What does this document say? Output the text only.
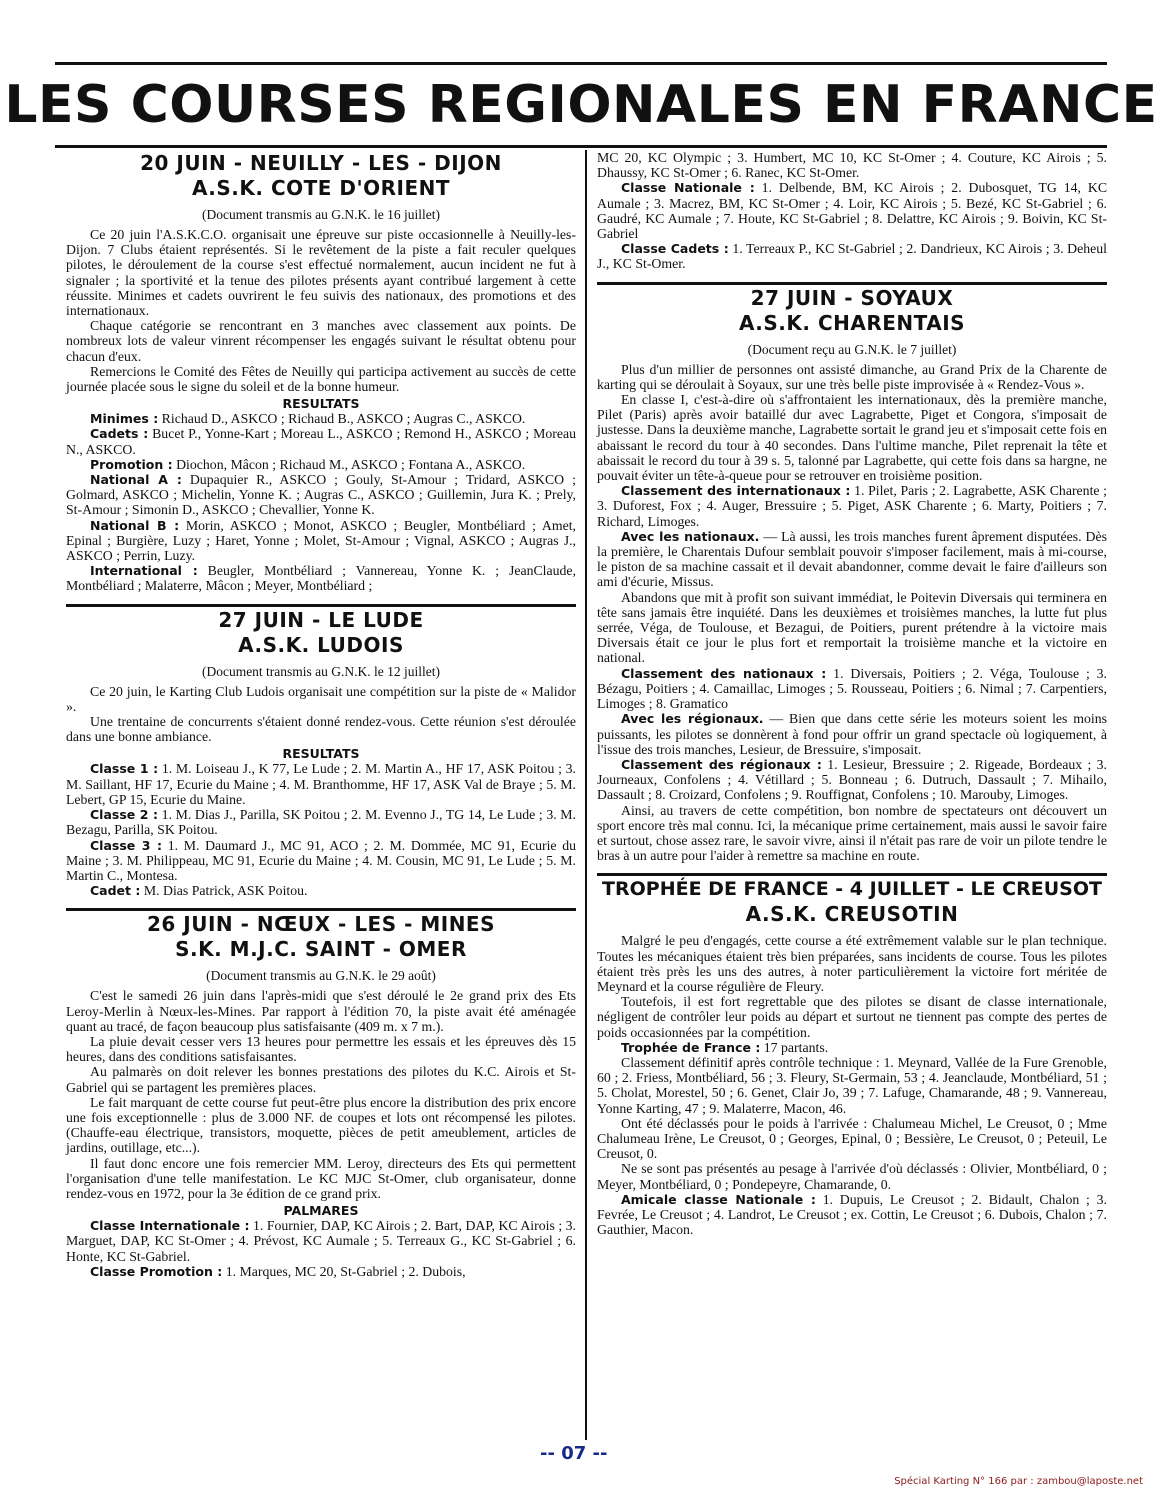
LES COURSES REGIONALES EN FRANCE
20 JUIN - NEUILLY - LES - DIJON
A.S.K. COTE D'ORIENT
(Document transmis au G.N.K. le 16 juillet)

Ce 20 juin l'A.S.K.C.O. organisait une épreuve sur piste occasionnelle à Neuilly-les-Dijon. 7 Clubs étaient représentés. Si le revêtement de la piste a fait reculer quelques pilotes, le déroulement de la course s'est effectué normalement, aucun incident ne fut à signaler ; la sportivité et la tenue des pilotes présents ayant contribué largement à cette réussite. Minimes et cadets ouvrirent le feu suivis des nationaux, des promotions et des internationaux.

Chaque catégorie se rencontrant en 3 manches avec classement aux points. De nombreux lots de valeur vinrent récompenser les engagés suivant le résultat obtenu pour chacun d'eux.

Remercions le Comité des Fêtes de Neuilly qui participa activement au succès de cette journée placée sous le signe du soleil et de la bonne humeur.

RESULTATS

Minimes : Richaud D., ASKCO ; Richaud B., ASKCO ; Augras C., ASKCO.

Cadets : Bucet P., Yonne-Kart ; Moreau L., ASKCO ; Remond H., ASKCO ; Moreau N., ASKCO.

Promotion : Diochon, Mâcon ; Richaud M., ASKCO ; Fontana A., ASKCO.

National A : Dupaquier R., ASKCO ; Gouly, St-Amour ; Tridard, ASKCO ; Golmard, ASKCO ; Michelin, Yonne K. ; Augras C., ASKCO ; Guillemin, Jura K. ; Prely, St-Amour ; Simonin D., ASKCO ; Chevallier, Yonne K.

National B : Morin, ASKCO ; Monot, ASKCO ; Beugler, Montbéliard ; Amet, Epinal ; Burgière, Luzy ; Haret, Yonne ; Molet, St-Amour ; Vignal, ASKCO ; Augras J., ASKCO ; Perrin, Luzy.

International : Beugler, Montbéliard ; Vannereau, Yonne K. ; JeanClaude, Montbéliard ; Malaterre, Mâcon ; Meyer, Montbéliard ;

27 JUIN - LE LUDE
A.S.K. LUDOIS
(Document transmis au G.N.K. le 12 juillet)

Ce 20 juin, le Karting Club Ludois organisait une compétition sur la piste de « Malidor ».

Une trentaine de concurrents s'étaient donné rendez-vous. Cette réunion s'est déroulée dans une bonne ambiance.

RESULTATS

Classe 1 : 1. M. Loiseau J., K 77, Le Lude ; 2. M. Martin A., HF 17, ASK Poitou ; 3. M. Saillant, HF 17, Ecurie du Maine ; 4. M. Branthomme, HF 17, ASK Val de Braye ; 5. M. Lebert, GP 15, Ecurie du Maine.

Classe 2 : 1. M. Dias J., Parilla, SK Poitou ; 2. M. Evenno J., TG 14, Le Lude ; 3. M. Bezagu, Parilla, SK Poitou.

Classe 3 : 1. M. Daumard J., MC 91, ACO ; 2. M. Dommée, MC 91, Ecurie du Maine ; 3. M. Philippeau, MC 91, Ecurie du Maine ; 4. M. Cousin, MC 91, Le Lude ; 5. M. Martin C., Montesa.

Cadet : M. Dias Patrick, ASK Poitou.

26 JUIN - NŒUX - LES - MINES
S.K. M.J.C. SAINT - OMER
(Document transmis au G.N.K. le 29 août)

C'est le samedi 26 juin dans l'après-midi que s'est déroulé le 2e grand prix des Ets Leroy-Merlin à Nœux-les-Mines. Par rapport à l'édition 70, la piste avait été aménagée quant au tracé, de façon beaucoup plus satisfaisante (409 m. x 7 m.).

La pluie devait cesser vers 13 heures pour permettre les essais et les épreuves dès 15 heures, dans des conditions satisfaisantes.

Au palmarès on doit relever les bonnes prestations des pilotes du K.C. Airois et St-Gabriel qui se partagent les premières places.

Le fait marquant de cette course fut peut-être plus encore la distribution des prix encore une fois exceptionnelle : plus de 3.000 NF. de coupes et lots ont récompensé les pilotes. (Chauffe-eau électrique, transistors, moquette, pièces de petit ameublement, articles de jardins, outillage, etc...).

Il faut donc encore une fois remercier MM. Leroy, directeurs des Ets qui permettent l'organisation d'une telle manifestation. Le KC MJC St-Omer, club organisateur, donne rendez-vous en 1972, pour la 3e édition de ce grand prix.

PALMARES

Classe Internationale : 1. Fournier, DAP, KC Airois ; 2. Bart, DAP, KC Airois ; 3. Marguet, DAP, KC St-Omer ; 4. Prévost, KC Aumale ; 5. Terreaux G., KC St-Gabriel ; 6. Honte, KC St-Gabriel.

Classe Promotion : 1. Marques, MC 20, St-Gabriel ; 2. Dubois,

MC 20, KC Olympic ; 3. Humbert, MC 10, KC St-Omer ; 4. Couture, KC Airois ; 5. Dhaussy, KC St-Omer ; 6. Ranec, KC St-Omer.

Classe Nationale : 1. Delbende, BM, KC Airois ; 2. Dubosquet, TG 14, KC Aumale ; 3. Macrez, BM, KC St-Omer ; 4. Loir, KC Airois ; 5. Bezé, KC St-Gabriel ; 6. Gaudré, KC Aumale ; 7. Houte, KC St-Gabriel ; 8. Delattre, KC Airois ; 9. Boivin, KC St-Gabriel

Classe Cadets : 1. Terreaux P., KC St-Gabriel ; 2. Dandrieux, KC Airois ; 3. Deheul J., KC St-Omer.

27 JUIN - SOYAUX
A.S.K. CHARENTAIS
(Document reçu au G.N.K. le 7 juillet)

Plus d'un millier de personnes ont assisté dimanche, au Grand Prix de la Charente de karting qui se déroulait à Soyaux, sur une très belle piste improvisée à « Rendez-Vous ».

En classe I, c'est-à-dire où s'affrontaient les internationaux, dès la première manche, Pilet (Paris) après avoir bataillé dur avec Lagrabette, Piget et Congora, s'imposait de justesse. Dans la deuxième manche, Lagrabette sortait le grand jeu et s'imposait cette fois en abaissant le record du tour à 40 secondes. Dans l'ultime manche, Pilet reprenait la tête et abaissait le record du tour à 39 s. 5, talonné par Lagrabette, qui cette fois dans sa hargne, ne pouvait éviter un tête-à-queue pour se retrouver en troisième position.

Classement des internationaux : 1. Pilet, Paris ; 2. Lagrabette, ASK Charente ; 3. Duforest, Fox ; 4. Auger, Bressuire ; 5. Piget, ASK Charente ; 6. Marty, Poitiers ; 7. Richard, Limoges.

Avec les nationaux. — Là aussi, les trois manches furent âprement disputées. Dès la première, le Charentais Dufour semblait pouvoir s'imposer facilement, mais à mi-course, le piston de sa machine cassait et il devait abandonner, comme devait le faire d'ailleurs son ami d'écurie, Missus.

Abandons que mit à profit son suivant immédiat, le Poitevin Diversais qui terminera en tête sans jamais être inquiété. Dans les deuxièmes et troisièmes manches, la lutte fut plus serrée, Véga, de Toulouse, et Bezagui, de Poitiers, purent prétendre à la victoire mais Diversais était ce jour le plus fort et remportait la troisième manche et la victoire en national.

Classement des nationaux : 1. Diversais, Poitiers ; 2. Véga, Toulouse ; 3. Bézagu, Poitiers ; 4. Camaillac, Limoges ; 5. Rousseau, Poitiers ; 6. Nimal ; 7. Carpentiers, Limoges ; 8. Gramatico

Avec les régionaux. — Bien que dans cette série les moteurs soient les moins puissants, les pilotes se donnèrent à fond pour offrir un grand spectacle où logiquement, à l'issue des trois manches, Lesieur, de Bressuire, s'imposait.

Classement des régionaux : 1. Lesieur, Bressuire ; 2. Rigeade, Bordeaux ; 3. Journeaux, Confolens ; 4. Vétillard ; 5. Bonneau ; 6. Dutruch, Dassault ; 7. Mihailo, Dassault ; 8. Croizard, Confolens ; 9. Rouffignat, Confolens ; 10. Marouby, Limoges.

Ainsi, au travers de cette compétition, bon nombre de spectateurs ont découvert un sport encore très mal connu. Ici, la mécanique prime certainement, mais aussi le savoir faire et surtout, chose assez rare, le savoir vivre, ainsi il n'était pas rare de voir un pilote tendre le bras à un autre pour l'aider à remettre sa machine en route.

TROPHÉE DE FRANCE - 4 JUILLET - LE CREUSOT
A.S.K. CREUSOTIN

Malgré le peu d'engagés, cette course a été extrêmement valable sur le plan technique. Toutes les mécaniques étaient très bien préparées, sans incidents de course. Tous les pilotes étaient très près les uns des autres, à noter particulièrement la victoire fort méritée de Meynard et la course régulière de Fleury.

Toutefois, il est fort regrettable que des pilotes se disant de classe internationale, négligent de contrôler leur poids au départ et surtout ne tiennent pas compte des pertes de poids occasionnées par la compétition.

Trophée de France : 17 partants.

Classement définitif après contrôle technique : 1. Meynard, Vallée de la Fure Grenoble, 60 ; 2. Friess, Montbéliard, 56 ; 3. Fleury, St-Germain, 53 ; 4. Jeanclaude, Montbéliard, 51 ; 5. Cholat, Morestel, 50 ; 6. Genet, Clair Jo, 39 ; 7. Lafuge, Chamarande, 48 ; 9. Vannereau, Yonne Karting, 47 ; 9. Malaterre, Macon, 46.

Ont été déclassés pour le poids à l'arrivée : Chalumeau Michel, Le Creusot, 0 ; Mme Chalumeau Irène, Le Creusot, 0 ; Georges, Epinal, 0 ; Bessière, Le Creusot, 0 ; Peteuil, Le Creusot, 0.

Ne se sont pas présentés au pesage à l'arrivée d'où déclassés : Olivier, Montbéliard, 0 ; Meyer, Montbéliard, 0 ; Pondepeyre, Chamarande, 0.

Amicale classe Nationale : 1. Dupuis, Le Creusot ; 2. Bidault, Chalon ; 3. Fevrée, Le Creusot ; 4. Landrot, Le Creusot ; ex. Cottin, Le Creusot ; 6. Dubois, Chalon ; 7. Gauthier, Macon.

-- 07 --
Spécial Karting N° 166 par : zambou@laposte.net
